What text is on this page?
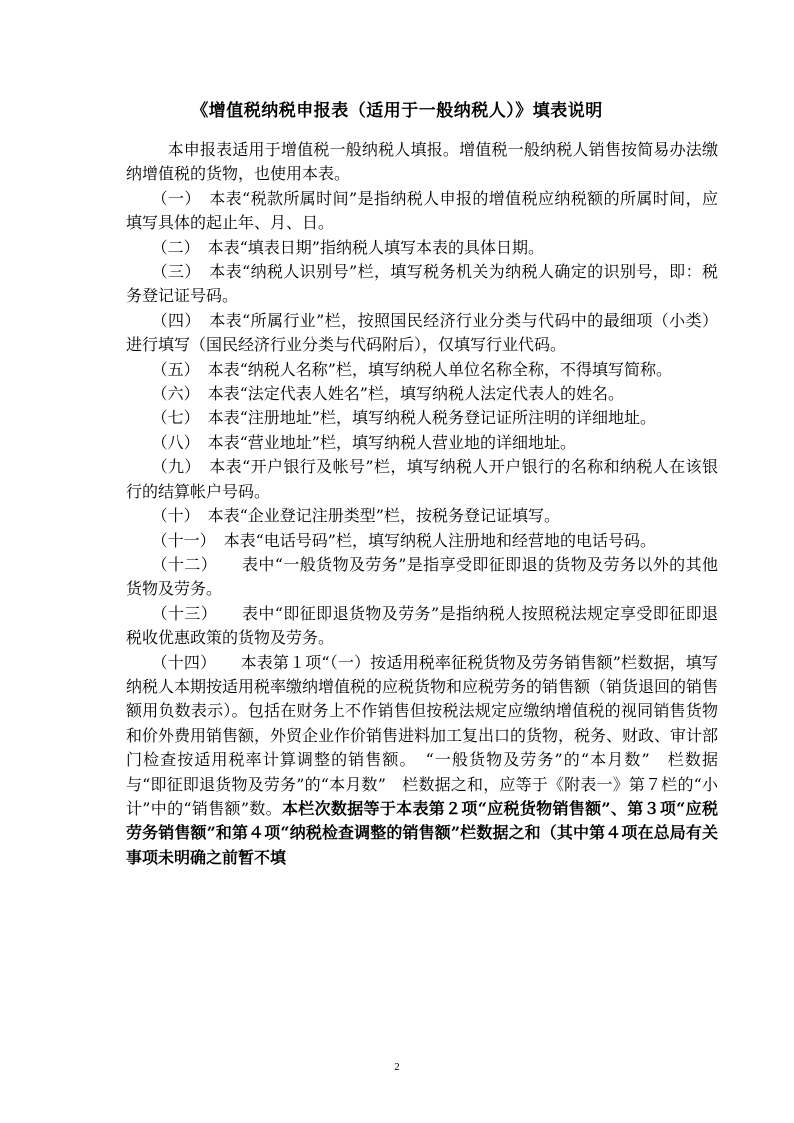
《增值税纳税申报表（适用于一般纳税人）》填表说明

本申报表适用于增值税一般纳税人填报。增值税一般纳税人销售按简易办法缴纳增值税的货物，也使用本表。

（一）　本表“税款所属时间”是指纳税人申报的增值税应纳税额的所属时间，应填写具体的起止年、月、日。

（二）　本表“填表日期”指纳税人填写本表的具体日期。

（三）　本表“纳税人识别号”栏，填写税务机关为纳税人确定的识别号，即：税务登记证号码。

（四）　本表“所属行业”栏，按照国民经济行业分类与代码中的最细项（小类）进行填写（国民经济行业分类与代码附后），仅填写行业代码。

（五）　本表“纳税人名称”栏，填写纳税人单位名称全称，不得填写简称。

（六）　本表“法定代表人姓名”栏，填写纳税人法定代表人的姓名。

（七）　本表“注册地址”栏，填写纳税人税务登记证所注明的详细地址。

（八）　本表“营业地址”栏，填写纳税人营业地的详细地址。

（九）　本表“开户银行及帐号”栏，填写纳税人开户银行的名称和纳税人在该银行的结算帐户号码。

（十）　本表“企业登记注册类型”栏，按税务登记证填写。

（十一）　本表“电话号码”栏，填写纳税人注册地和经营地的电话号码。

（十二）　　表中“一般货物及劳务”是指享受即征即退的货物及劳务以外的其他货物及劳务。

（十三）　　表中“即征即退货物及劳务”是指纳税人按照税法规定享受即征即退税收优惠政策的货物及劳务。

（十四）　　本表第１项“（一）按适用税率征税货物及劳务销售额”栏数据，填写纳税人本期按适用税率缴纳增值税的应税货物和应税劳务的销售额（销货退回的销售额用负数表示）。包括在财务上不作销售但按税法规定应缴纳增值税的视同销售货物和价外费用销售额，外贸企业作价销售进料加工复出口的货物，税务、财政、审计部门检查按适用税率计算调整的销售额。　“一般货物及劳务”的“本月数”　栏数据与“即征即退货物及劳务”的“本月数”　栏数据之和，应等于《附表一》第７栏的“小计”中的“销售额”数。本栏次数据等于本表第２项“应税货物销售额”、第３项“应税劳务销售额”和第４项“纳税检查调整的销售额”栏数据之和（其中第４项在总局有关事项未明确之前暂不填

2
